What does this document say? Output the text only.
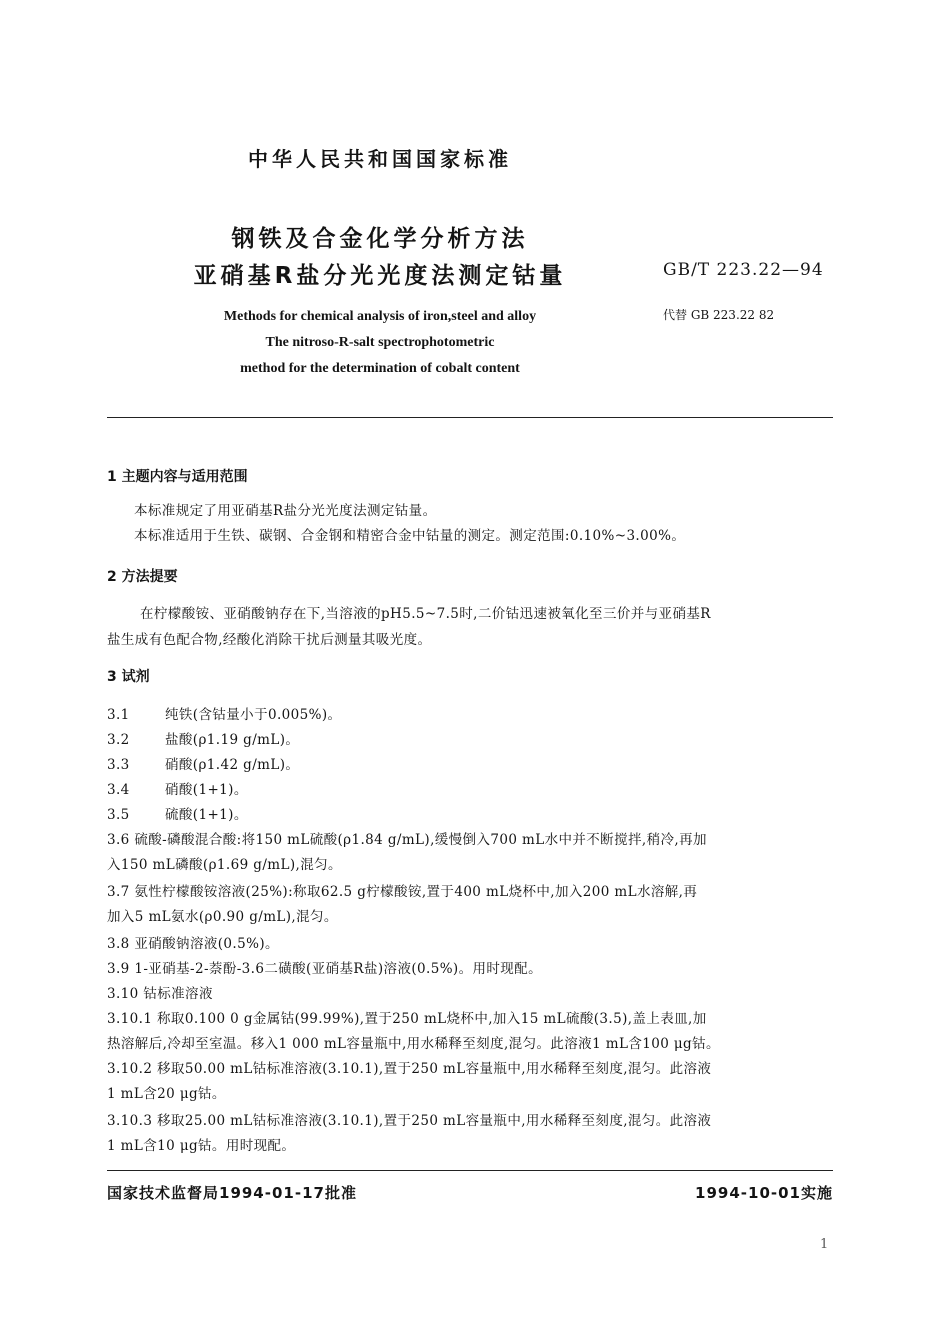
中华人民共和国国家标准
钢铁及合金化学分析方法
亚硝基R盐分光光度法测定钴量	GB/T 223.22—94
代替 GB 223.22 82
Methods for chemical analysis of iron,steel and alloy
The nitroso-R-salt spectrophotometric
method for the determination of cobalt content
1 主题内容与适用范围
本标准规定了用亚硝基R盐分光光度法测定钴量。
本标准适用于生铁、碳钢、合金钢和精密合金中钴量的测定。测定范围:0.10%~3.00%。
2 方法提要
在柠檬酸铵、亚硝酸钠存在下,当溶液的pH5.5~7.5时,二价钴迅速被氧化至三价并与亚硝基R
盐生成有色配合物,经酸化消除干扰后测量其吸光度。
3 试剂
3.1	纯铁(含钴量小于0.005%)。
3.2	盐酸(ρ1.19 g/mL)。
3.3	硝酸(ρ1.42 g/mL)。
3.4	硝酸(1+1)。
3.5	硫酸(1+1)。
3.6 硫酸-磷酸混合酸:将150 mL硫酸(ρ1.84 g/mL),缓慢倒入700 mL水中并不断搅拌,稍冷,再加
入150 mL磷酸(ρ1.69 g/mL),混匀。
3.7 氨性柠檬酸铵溶液(25%):称取62.5 g柠檬酸铵,置于400 mL烧杯中,加入200 mL水溶解,再
加入5 mL氨水(ρ0.90 g/mL),混匀。
3.8 亚硝酸钠溶液(0.5%)。
3.9 1-亚硝基-2-萘酚-3.6二磺酸(亚硝基R盐)溶液(0.5%)。用时现配。
3.10 钴标准溶液
3.10.1 称取0.100 0 g金属钴(99.99%),置于250 mL烧杯中,加入15 mL硫酸(3.5),盖上表皿,加
热溶解后,冷却至室温。移入1 000 mL容量瓶中,用水稀释至刻度,混匀。此溶液1 mL含100 μg钴。
3.10.2 移取50.00 mL钴标准溶液(3.10.1),置于250 mL容量瓶中,用水稀释至刻度,混匀。此溶液
1 mL含20 μg钴。
3.10.3 移取25.00 mL钴标准溶液(3.10.1),置于250 mL容量瓶中,用水稀释至刻度,混匀。此溶液
1 mL含10 μg钴。用时现配。
国家技术监督局1994-01-17批准	1994-10-01实施
1
